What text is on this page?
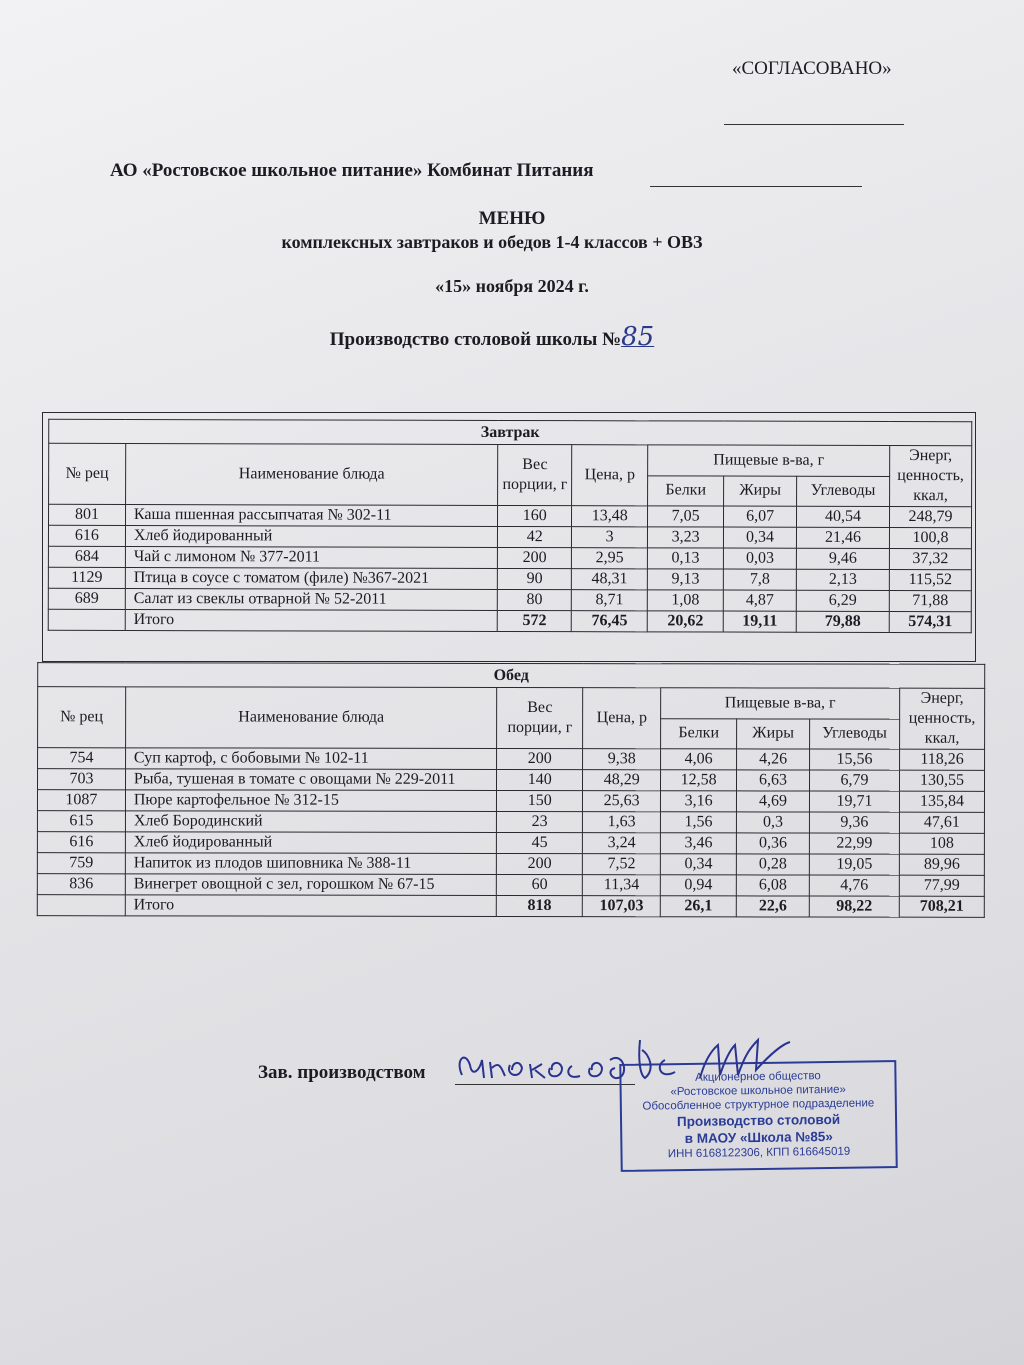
«СОГЛАСОВАНО»
АО «Ростовское школьное питание» Комбинат Питания
МЕНЮ
комплексных завтраков и обедов 1-4 классов + ОВЗ
«15» ноября 2024 г.
Производство столовой школы №85
Завтрак							
№ рец	Наименование блюда	Вес порции, г	Цена, р	Пищевые в-ва, г			Энерг, ценность, ккал,
				Белки	Жиры	Углеводы	
801	Каша пшенная рассыпчатая № 302-11	160	13,48	7,05	6,07	40,54	248,79
616	Хлеб йодированный	42	3	3,23	0,34	21,46	100,8
684	Чай с лимоном № 377-2011	200	2,95	0,13	0,03	9,46	37,32
1129	Птица в соусе с томатом (филе) №367-2021	90	48,31	9,13	7,8	2,13	115,52
689	Салат из свеклы отварной № 52-2011	80	8,71	1,08	4,87	6,29	71,88
	Итого	572	76,45	20,62	19,11	79,88	574,31
Обед							
№ рец	Наименование блюда	Вес порции, г	Цена, р	Пищевые в-ва, г			Энерг, ценность, ккал,
				Белки	Жиры	Углеводы	
754	Суп картоф, с бобовыми № 102-11	200	9,38	4,06	4,26	15,56	118,26
703	Рыба, тушеная в томате с овощами № 229-2011	140	48,29	12,58	6,63	6,79	130,55
1087	Пюре картофельное № 312-15	150	25,63	3,16	4,69	19,71	135,84
615	Хлеб Бородинский	23	1,63	1,56	0,3	9,36	47,61
616	Хлеб йодированный	45	3,24	3,46	0,36	22,99	108
759	Напиток из плодов шиповника № 388-11	200	7,52	0,34	0,28	19,05	89,96
836	Винегрет овощной с зел, горошком № 67-15	60	11,34	0,94	6,08	4,76	77,99
	Итого	818	107,03	26,1	22,6	98,22	708,21
Зав. производством	Акционерное общество
«Ростовское школьное питание»
Обособленное структурное подразделение
Производство столовой
в МАОУ «Школа №85»
ИНН 6168122306, КПП 616645019
